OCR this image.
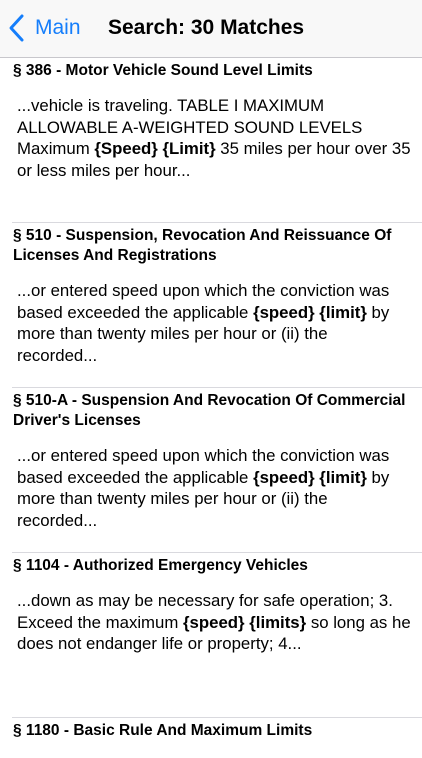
Main Search: 30 Matches
§ 386 - Motor Vehicle Sound Level Limits
...vehicle is traveling. TABLE I MAXIMUM ALLOWABLE A-WEIGHTED SOUND LEVELS Maximum {Speed} {Limit} 35 miles per hour over 35 or less miles per hour...
§ 510 - Suspension, Revocation And Reissuance Of Licenses And Registrations
...or entered speed upon which the conviction was based exceeded the applicable {speed} {limit} by more than twenty miles per hour or (ii) the recorded...
§ 510-A - Suspension And Revocation Of Commercial Driver's Licenses
...or entered speed upon which the conviction was based exceeded the applicable {speed} {limit} by more than twenty miles per hour or (ii) the recorded...
§ 1104 - Authorized Emergency Vehicles
...down as may be necessary for safe operation; 3. Exceed the maximum {speed} {limits} so long as he does not endanger life or property; 4...
§ 1180 - Basic Rule And Maximum Limits
